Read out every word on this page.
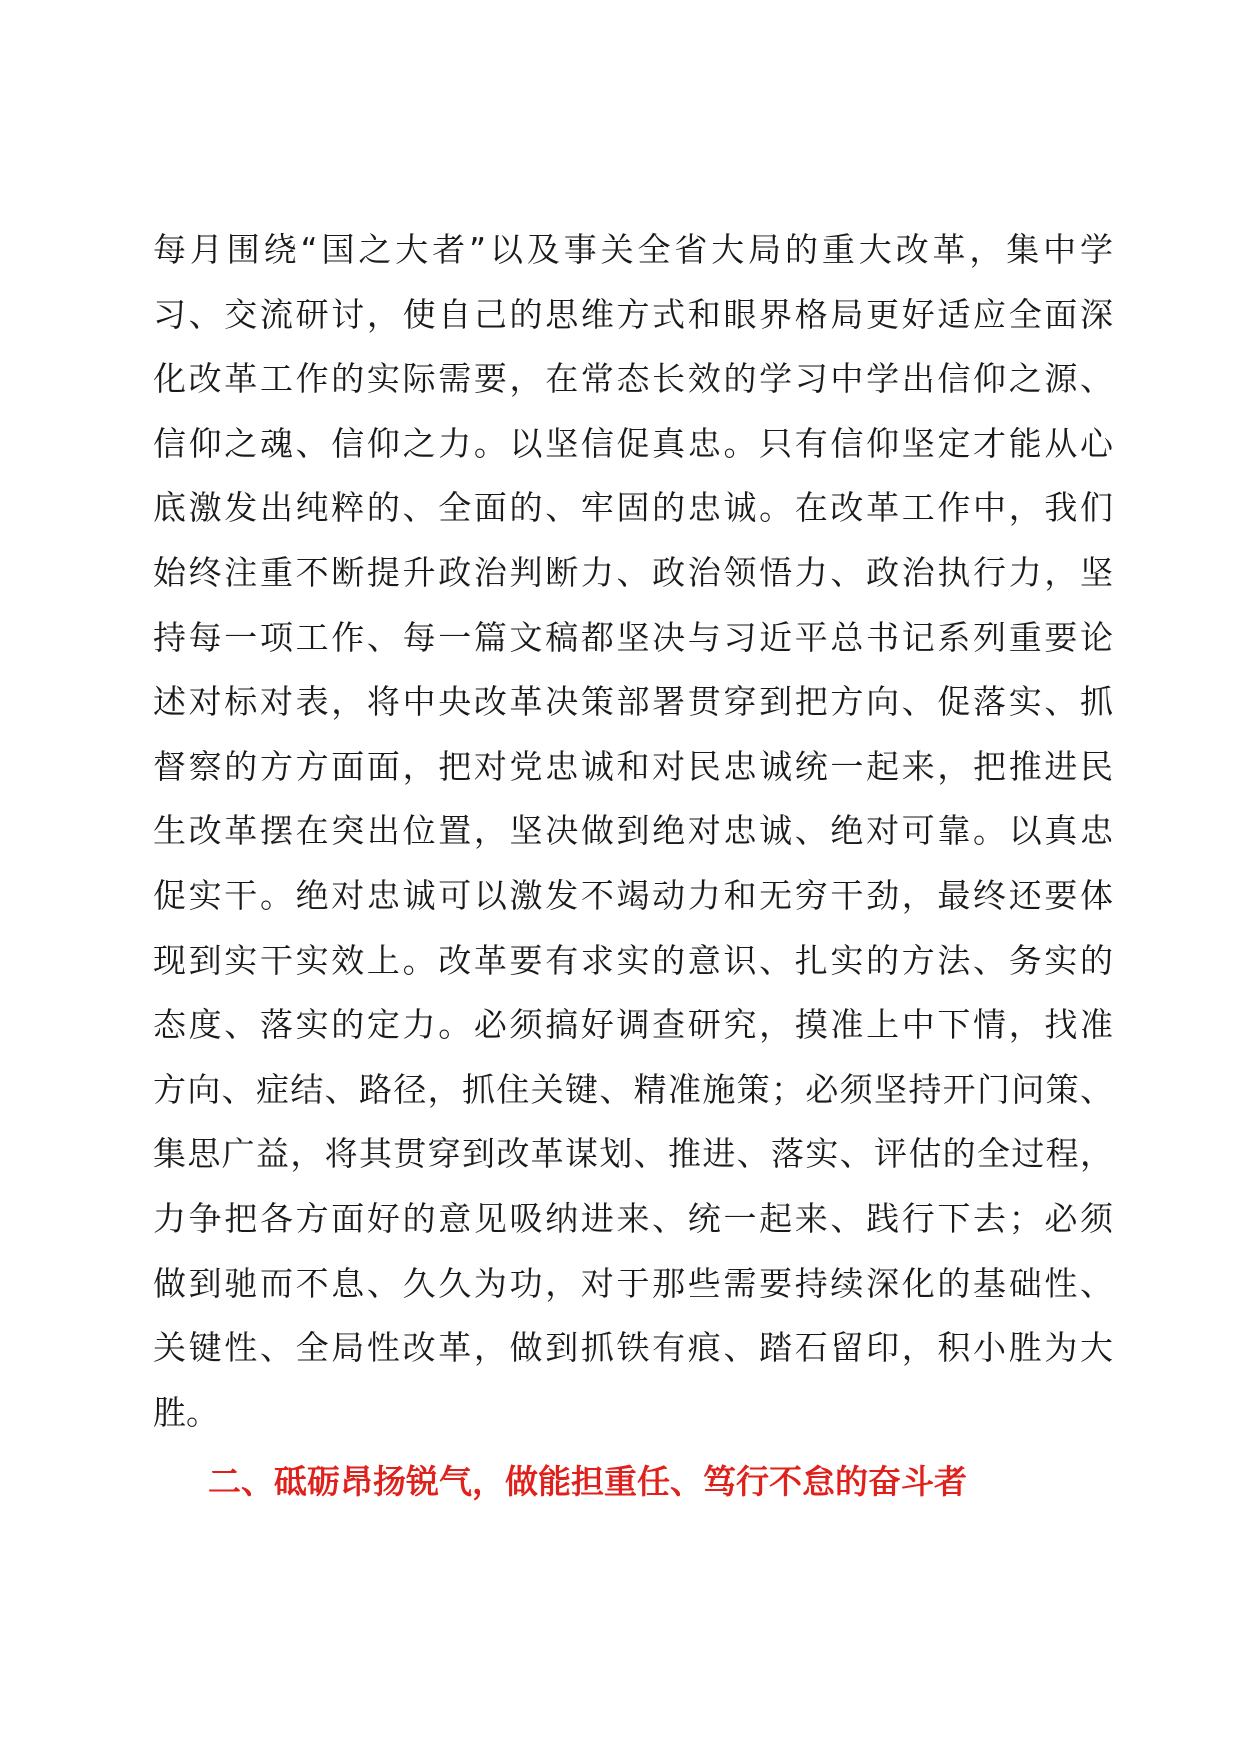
每月围绕“国之大者”以及事关全省大局的重大改革，集中学
习、交流研讨，使自己的思维方式和眼界格局更好适应全面深
化改革工作的实际需要，在常态长效的学习中学出信仰之源、
信仰之魂、信仰之力。以坚信促真忠。只有信仰坚定才能从心
底激发出纯粹的、全面的、牢固的忠诚。在改革工作中，我们
始终注重不断提升政治判断力、政治领悟力、政治执行力，坚
持每一项工作、每一篇文稿都坚决与习近平总书记系列重要论
述对标对表，将中央改革决策部署贯穿到把方向、促落实、抓
督察的方方面面，把对党忠诚和对民忠诚统一起来，把推进民
生改革摆在突出位置，坚决做到绝对忠诚、绝对可靠。以真忠
促实干。绝对忠诚可以激发不竭动力和无穷干劲，最终还要体
现到实干实效上。改革要有求实的意识、扎实的方法、务实的
态度、落实的定力。必须搞好调查研究，摸准上中下情，找准
方向、症结、路径，抓住关键、精准施策；必须坚持开门问策、
集思广益，将其贯穿到改革谋划、推进、落实、评估的全过程，
力争把各方面好的意见吸纳进来、统一起来、践行下去；必须
做到驰而不息、久久为功，对于那些需要持续深化的基础性、
关键性、全局性改革，做到抓铁有痕、踏石留印，积小胜为大
胜。
二、砥砺昂扬锐气，做能担重任、笃行不怠的奋斗者
